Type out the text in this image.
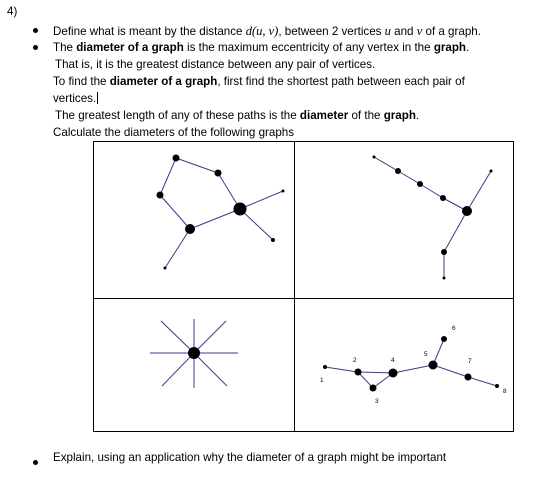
4)
Define what is meant by the distance d(u, v), between 2 vertices u and v of a graph.
The diameter of a graph is the maximum eccentricity of any vertex in the graph.
That is, it is the greatest distance between any pair of vertices.
To find the diameter of a graph, first find the shortest path between each pair of
vertices.
The greatest length of any of these paths is the diameter of the graph.
Calculate the diameters of the following graphs
1
2
3
4
5
6
7
8
Explain, using an application why the diameter of a graph might be important
